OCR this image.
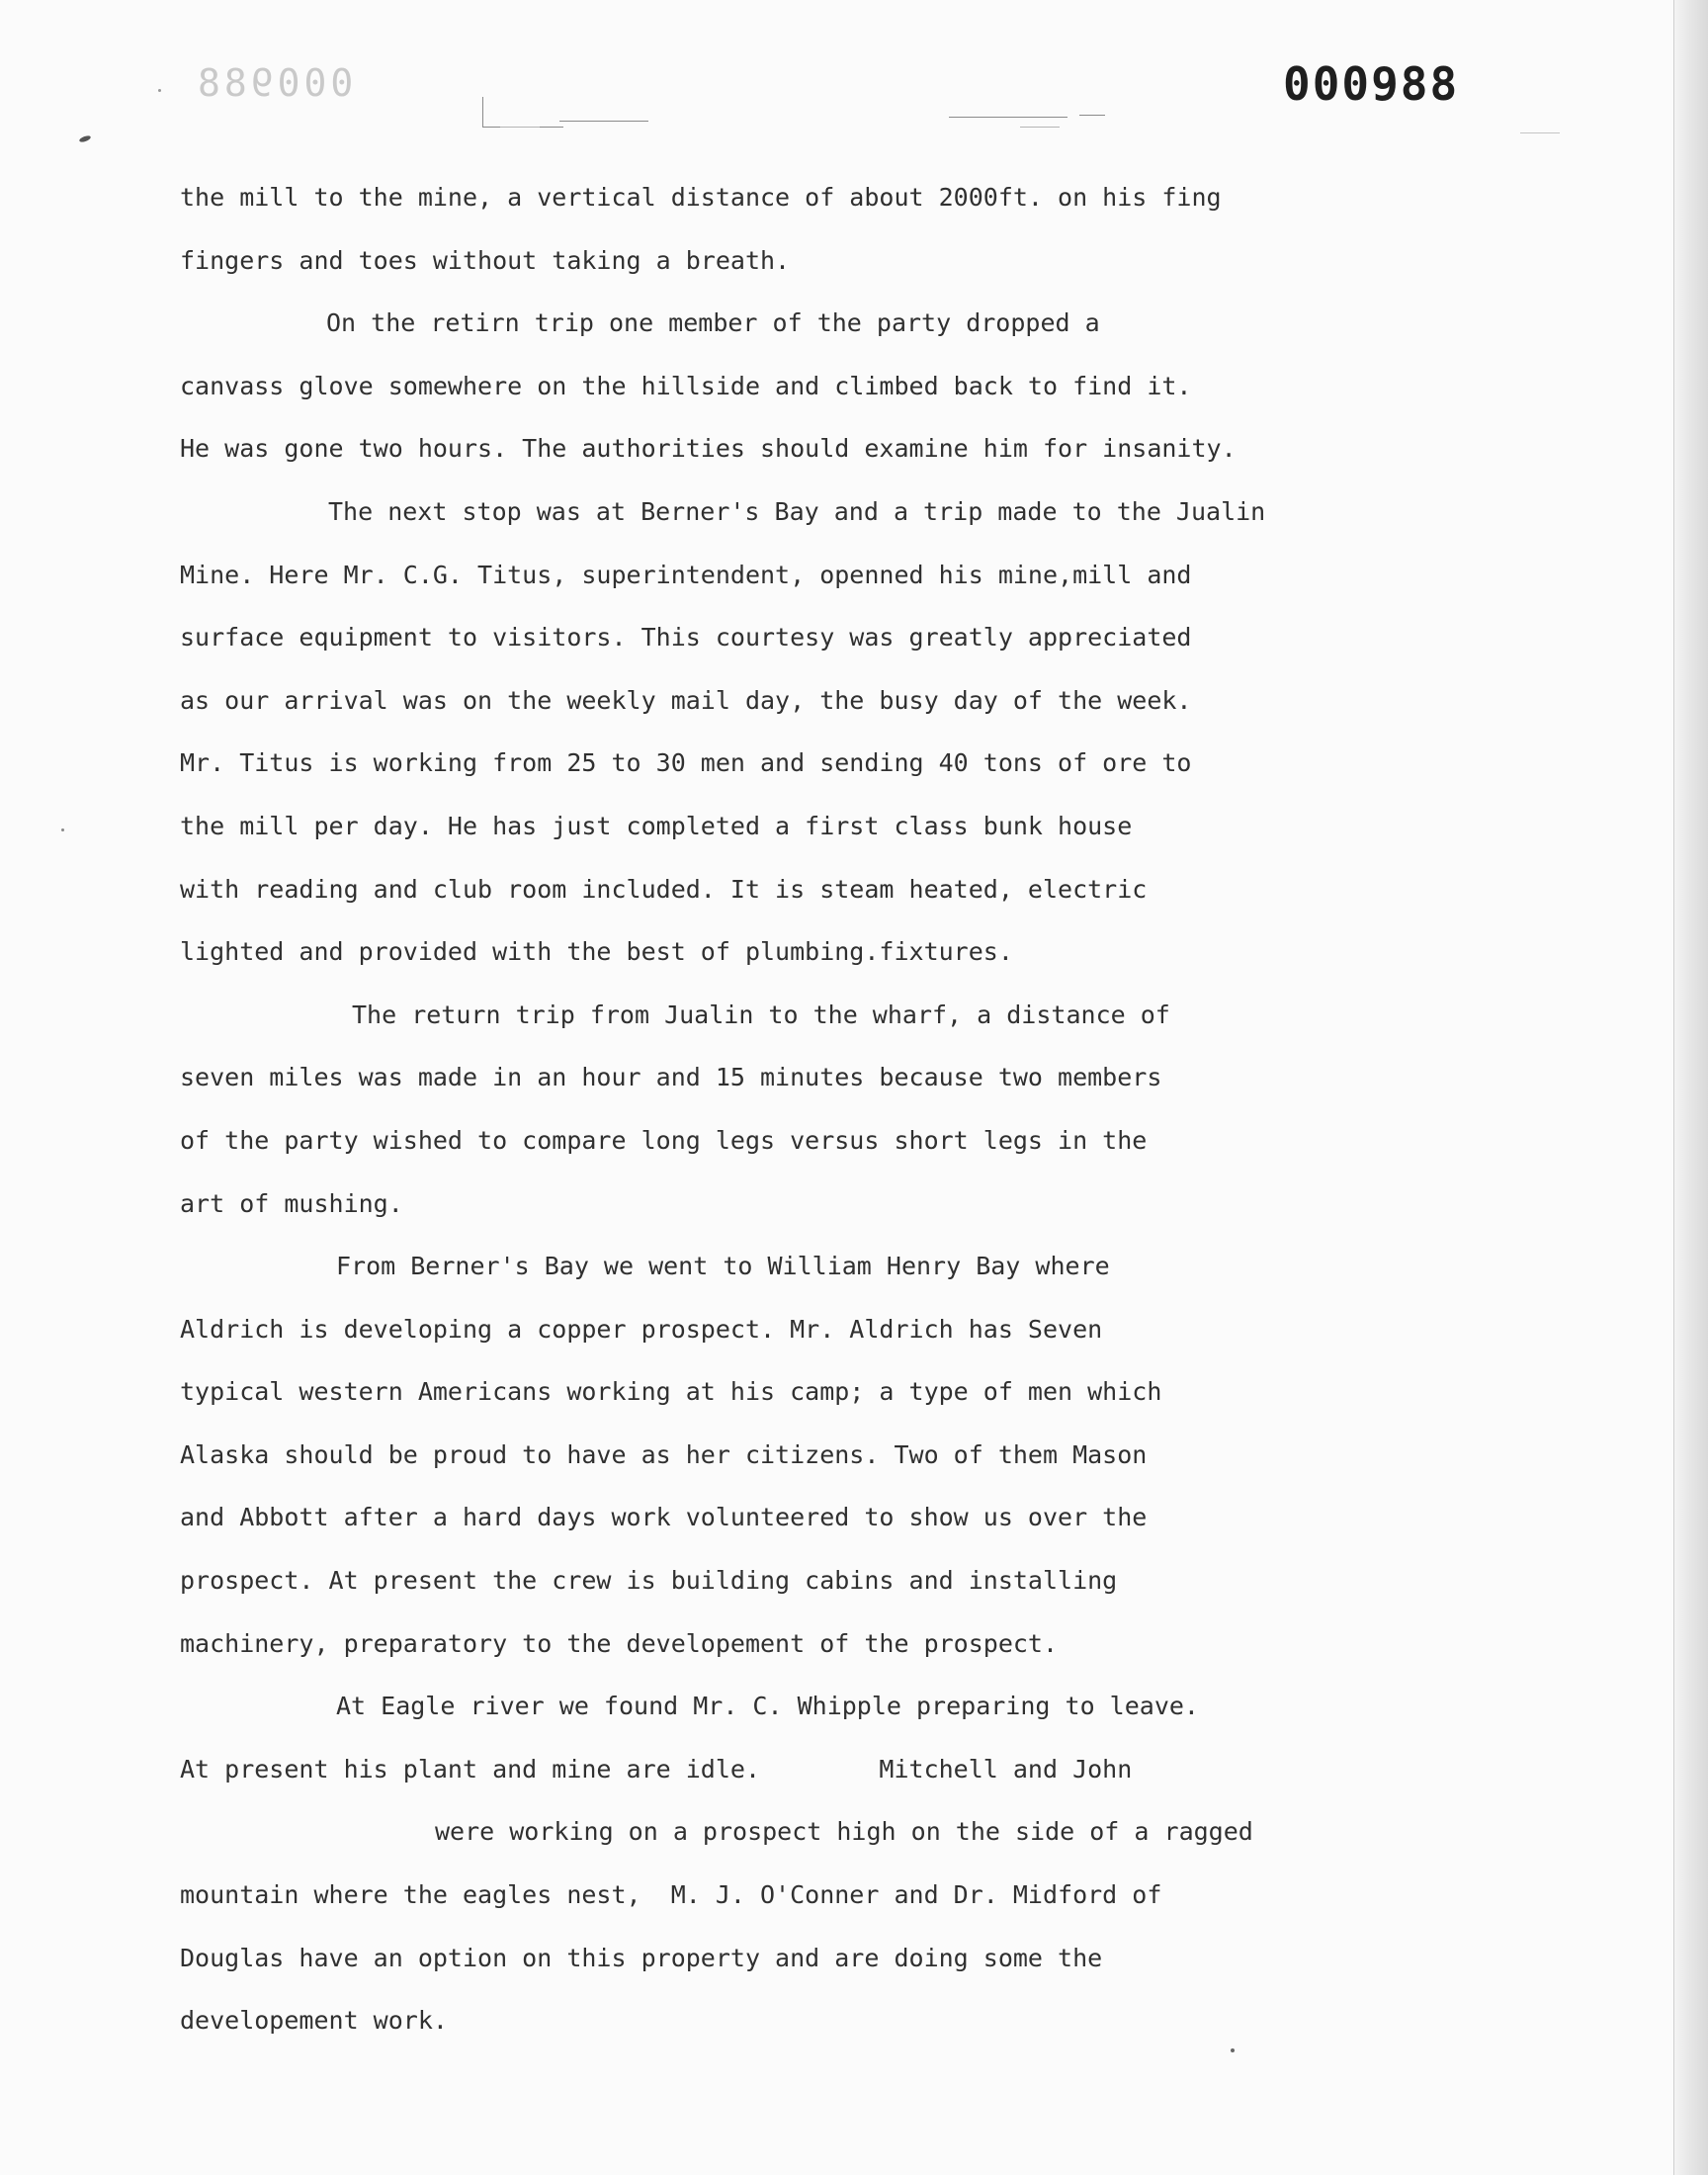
000988	000988
the mill to the mine, a vertical distance of about 2000ft. on his fing
fingers and toes without taking a breath.
On the retirn trip one member of the party dropped a
canvass glove somewhere on the hillside and climbed back to find it.
He was gone two hours. The authorities should examine him for insanity.
The next stop was at Berner's Bay and a trip made to the Jualin
Mine. Here Mr. C.G. Titus, superintendent, openned his mine,mill and
surface equipment to visitors. This courtesy was greatly appreciated
as our arrival was on the weekly mail day, the busy day of the week.
Mr. Titus is working from 25 to 30 men and sending 40 tons of ore to
the mill per day. He has just completed a first class bunk house
with reading and club room included. It is steam heated, electric
lighted and provided with the best of plumbing.fixtures.
The return trip from Jualin to the wharf, a distance of
seven miles was made in an hour and 15 minutes because two members
of the party wished to compare long legs versus short legs in the
art of mushing.
From Berner's Bay we went to William Henry Bay where
Aldrich is developing a copper prospect. Mr. Aldrich has Seven
typical western Americans working at his camp; a type of men which
Alaska should be proud to have as her citizens. Two of them Mason
and Abbott after a hard days work volunteered to show us over the
prospect. At present the crew is building cabins and installing
machinery, preparatory to the developement of the prospect.
At Eagle river we found Mr. C. Whipple preparing to leave.
At present his plant and mine are idle.        Mitchell and John
were working on a prospect high on the side of a ragged
mountain where the eagles nest,  M. J. O'Conner and Dr. Midford of
Douglas have an option on this property and are doing some the
developement work.
